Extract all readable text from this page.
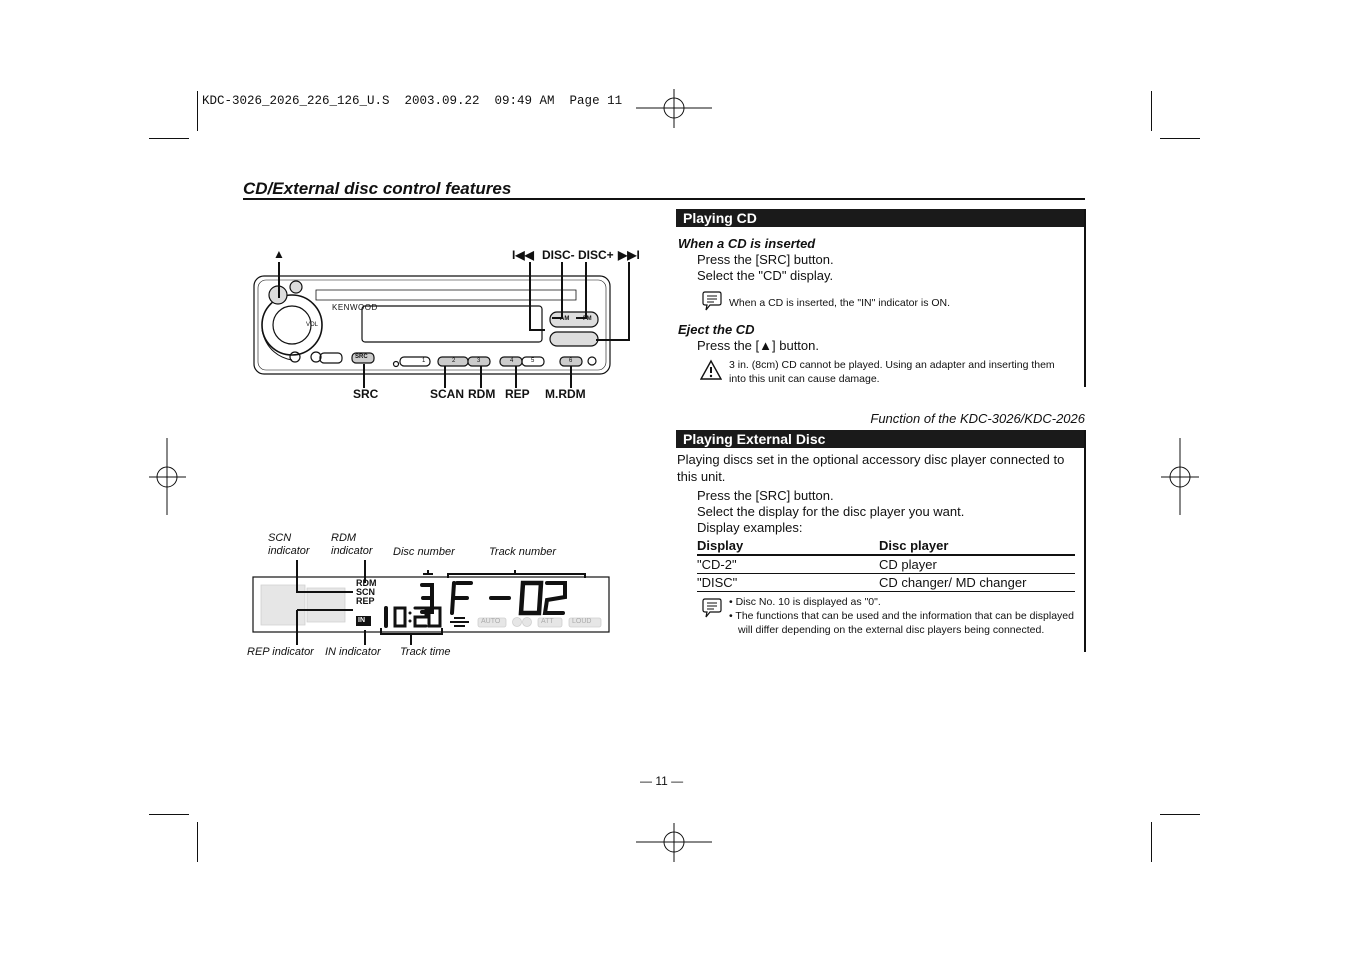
KDC-3026_2026_226_126_U.S  2003.09.22  09:49 AM  Page 11
CD/External disc control features
KENWOOD
VOL
AM FM
SRC
1	2	3	4	5	6
▲	I◀◀ DISC- DISC+ ▶▶I
SRC	SCAN RDM REP M.RDM
SCN
indicator
RDM
indicator Disc number	Track number
RDM
SCN
REP
IN	AUTO	ATT	LOUD
REP indicator IN indicator Track time
Playing CD
When a CD is inserted
Press the [SRC] button.
Select the "CD" display.
When a CD is inserted, the "IN" indicator is ON.
Eject the CD
Press the [▲] button.
3 in. (8cm) CD cannot be played. Using an adapter and inserting them into this unit can cause damage.
Function of the KDC-3026/KDC-2026
Playing External Disc
Playing discs set in the optional accessory disc player connected to this unit.
Press the [SRC] button.
Select the display for the disc player you want.
Display examples:
Display	Disc player
"CD-2"	CD player
"DISC"	CD changer/ MD changer
• Disc No. 10 is displayed as "0".
• The functions that can be used and the information that can be displayed will differ depending on the external disc players being connected.
— 11 —
